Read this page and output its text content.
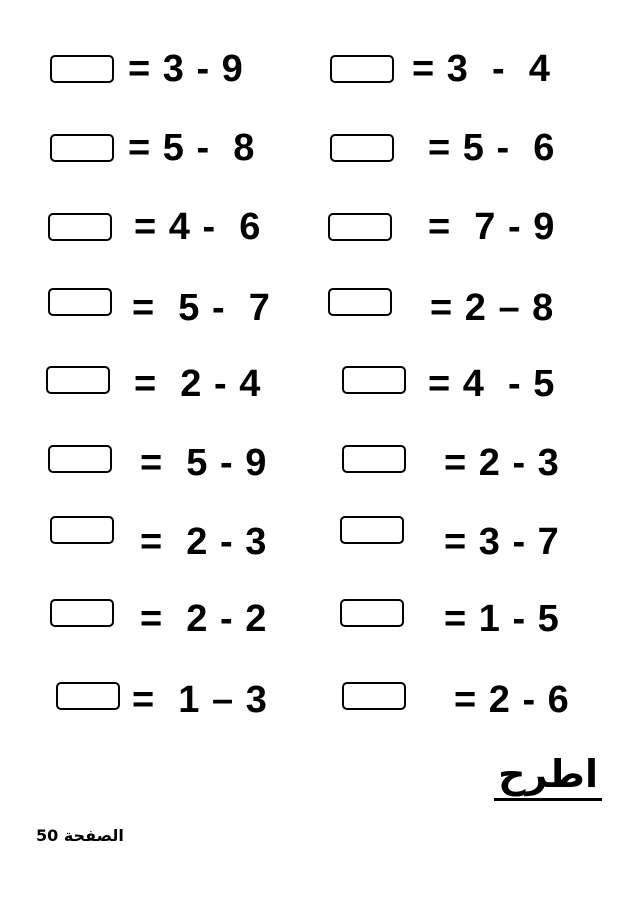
= 3 - 9	= 3  -  4
= 5 -  8	= 5 -  6
= 4 -  6	=  7 - 9
=  5 -  7	= 2 – 8
=  2 - 4	= 4  - 5
=  5 - 9	= 2 - 3
=  2 - 3	= 3 - 7
=  2 - 2	= 1 - 5
=  1 – 3	= 2 - 6
اطرح
الصفحة 50
